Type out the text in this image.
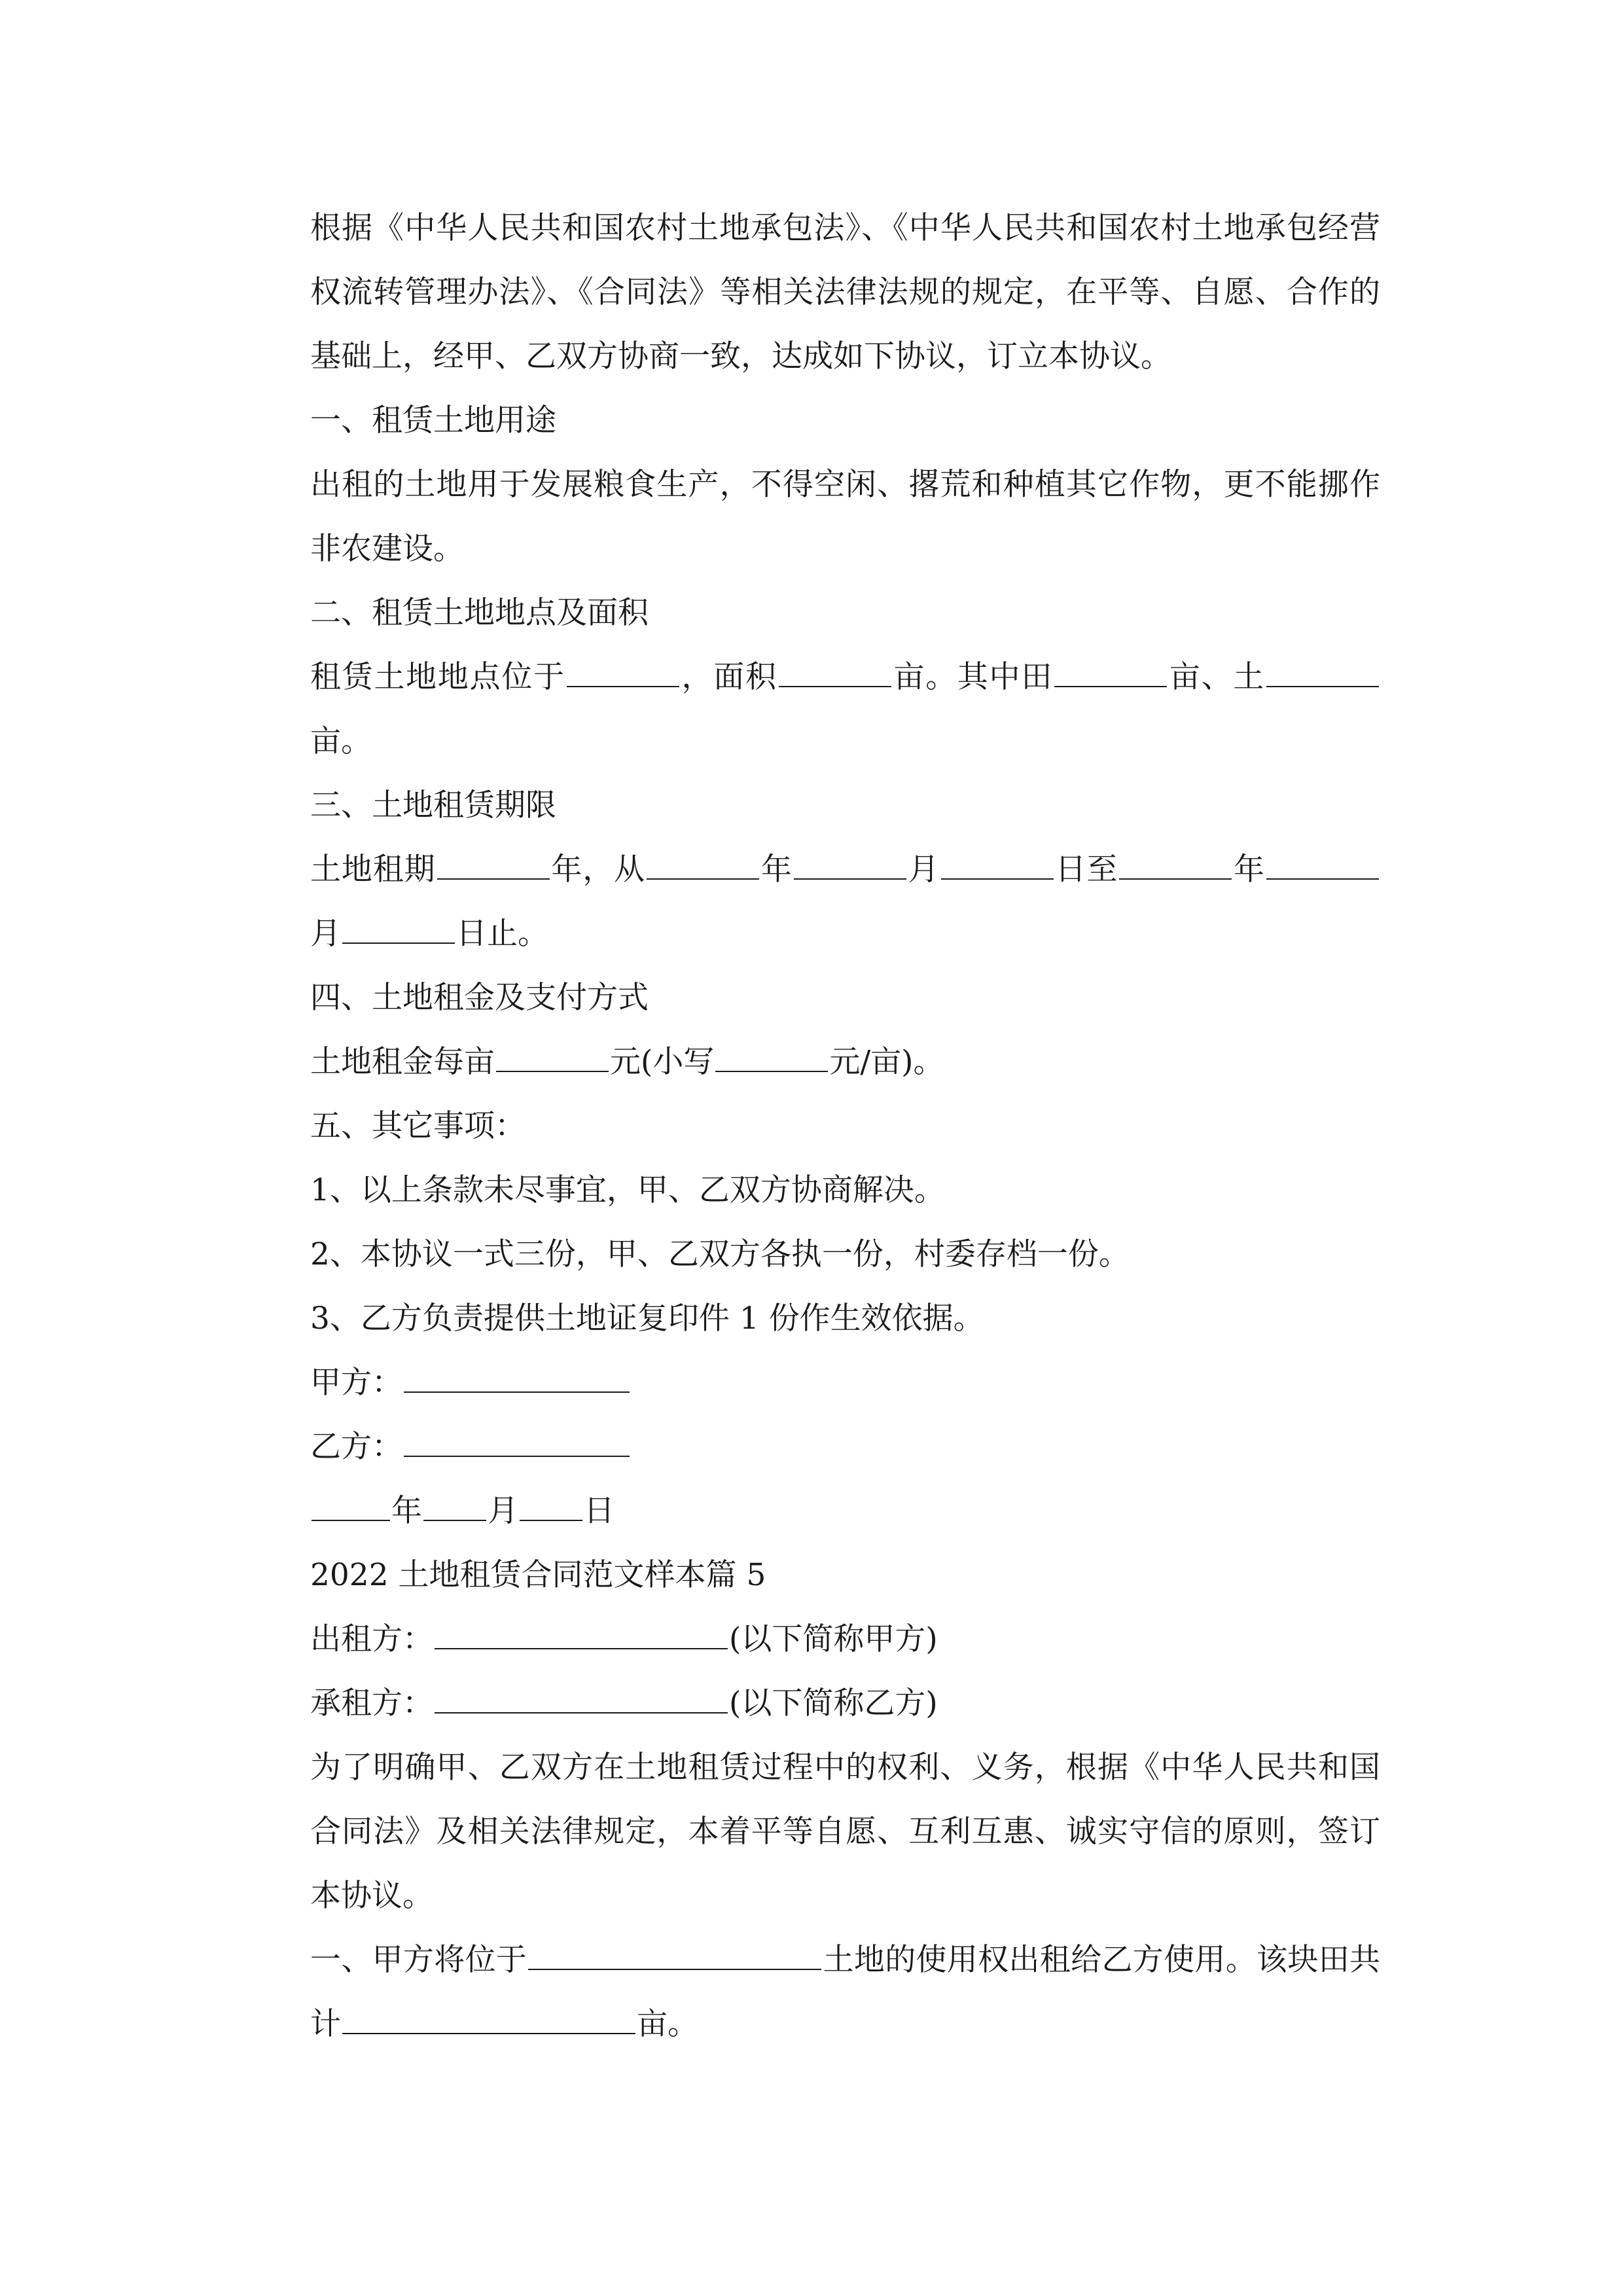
根据《中华人民共和国农村土地承包法》、《中华人民共和国农村土地承包经营权流转管理办法》、《合同法》等相关法律法规的规定，在平等、自愿、合作的基础上，经甲、乙双方协商一致，达成如下协议，订立本协议。

一、租赁土地用途

出租的土地用于发展粮食生产，不得空闲、撂荒和种植其它作物，更不能挪作非农建设。

二、租赁土地地点及面积

租赁土地地点位于	，面积	亩。其中田	亩、土亩。

三、土地租赁期限

土地租期	年，从	年	月	日至	年月	日止。

四、土地租金及支付方式

土地租金每亩	元(小写	元/亩)。

五、其它事项：

1、以上条款未尽事宜，甲、乙双方协商解决。

2、本协议一式三份，甲、乙双方各执一份，村委存档一份。

3、乙方负责提供土地证复印件 1 份作生效依据。

甲方：

乙方：

年 月 日

2022 土地租赁合同范文样本篇 5

出租方：	(以下简称甲方)

承租方：	(以下简称乙方)

为了明确甲、乙双方在土地租赁过程中的权利、义务，根据《中华人民共和国合同法》及相关法律规定，本着平等自愿、互利互惠、诚实守信的原则，签订本协议。

一、甲方将位于	土地的使用权出租给乙方使用。该块田共计	亩。
